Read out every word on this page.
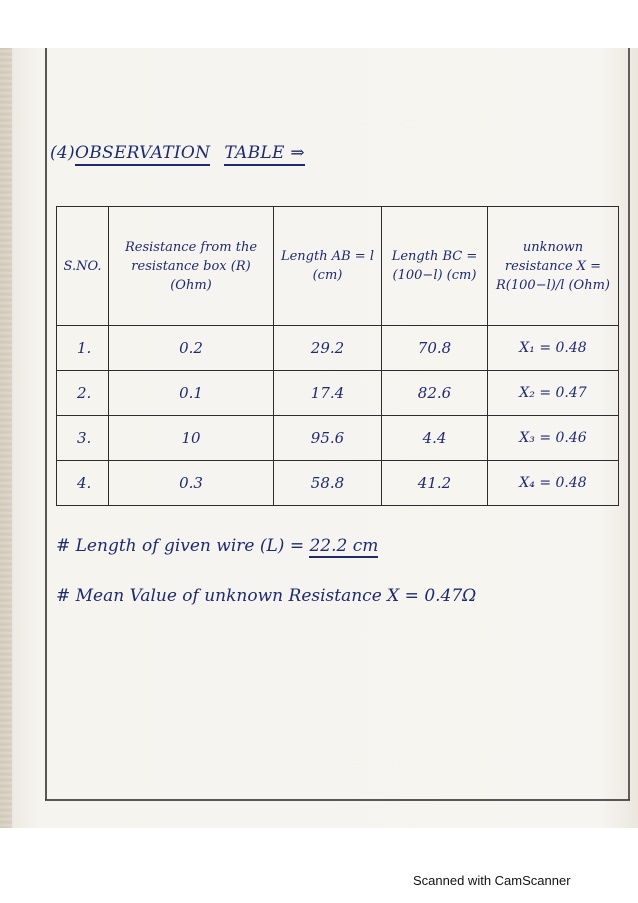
(4)OBSERVATION TABLE ⇒
S.NO.	Resistance from the resistance box (R) (Ohm)	Length AB = l (cm)	Length BC = (100−l) (cm)	unknown resistance X = R(100−l)/l (Ohm)
1.	0.2	29.2	70.8	X₁ = 0.48
2.	0.1	17.4	82.6	X₂ = 0.47
3.	10	95.6	4.4	X₃ = 0.46
4.	0.3	58.8	41.2	X₄ = 0.48
# Length of given wire (L) = 22.2 cm
# Mean Value of unknown Resistance X = 0.47Ω
Scanned with CamScanner
